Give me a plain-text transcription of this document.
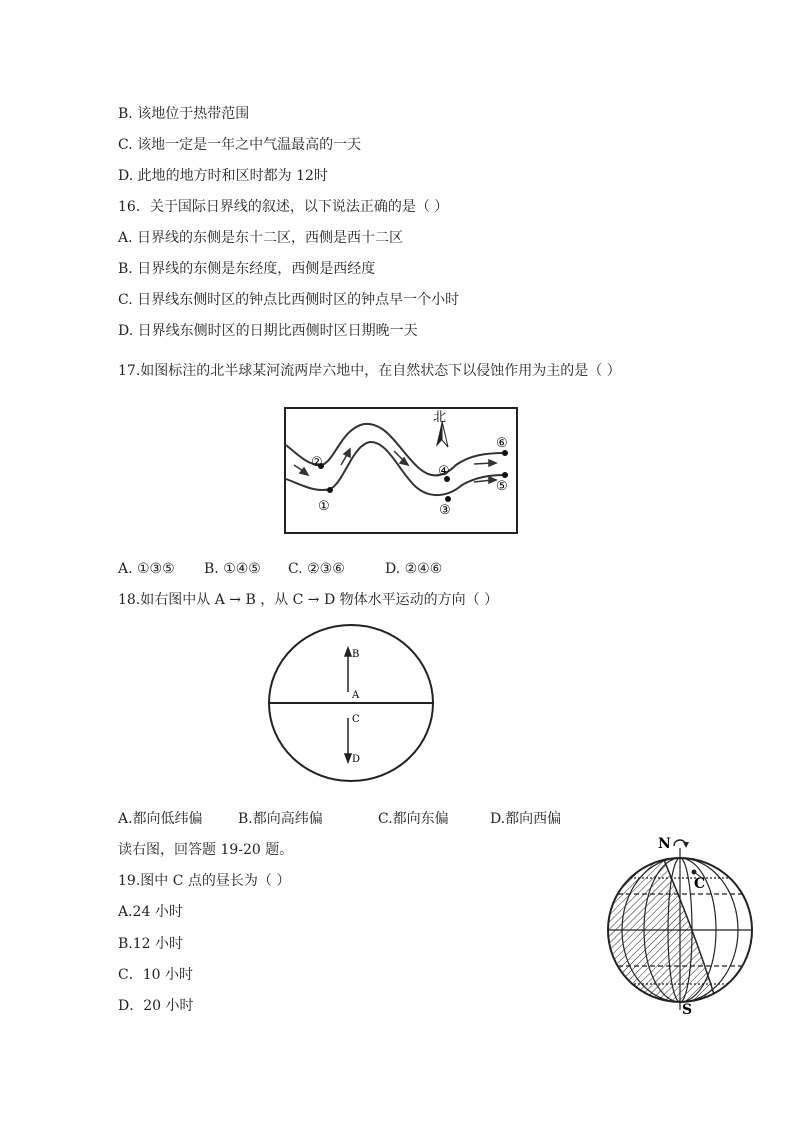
B. 该地位于热带范围
C. 该地一定是一年之中气温最高的一天
D. 此地的地方时和区时都为 12时
16．关于国际日界线的叙述，以下说法正确的是（ ）
A. 日界线的东侧是东十二区，西侧是西十二区
B. 日界线的东侧是东经度，西侧是西经度
C. 日界线东侧时区的钟点比西侧时区的钟点早一个小时
D. 日界线东侧时区的日期比西侧时区日期晚一天
17.如图标注的北半球某河流两岸六地中，在自然状态下以侵蚀作用为主的是（ ）
北
①
②
③
④
⑤
⑥
A. ①③⑤ B. ①④⑤ C. ②③⑥	D. ②④⑥
18.如右图中从 A → B ，从 C → D 物体水平运动的方向（ ）
B
A
C
D
A.都向低纬偏	B.都向高纬偏	C.都向东偏	D.都向西偏
读右图，回答题 19-20 题。
19.图中 C 点的昼长为（ ）
A.24 小时
B.12 小时
C．10 小时
D．20 小时
C
N
S
